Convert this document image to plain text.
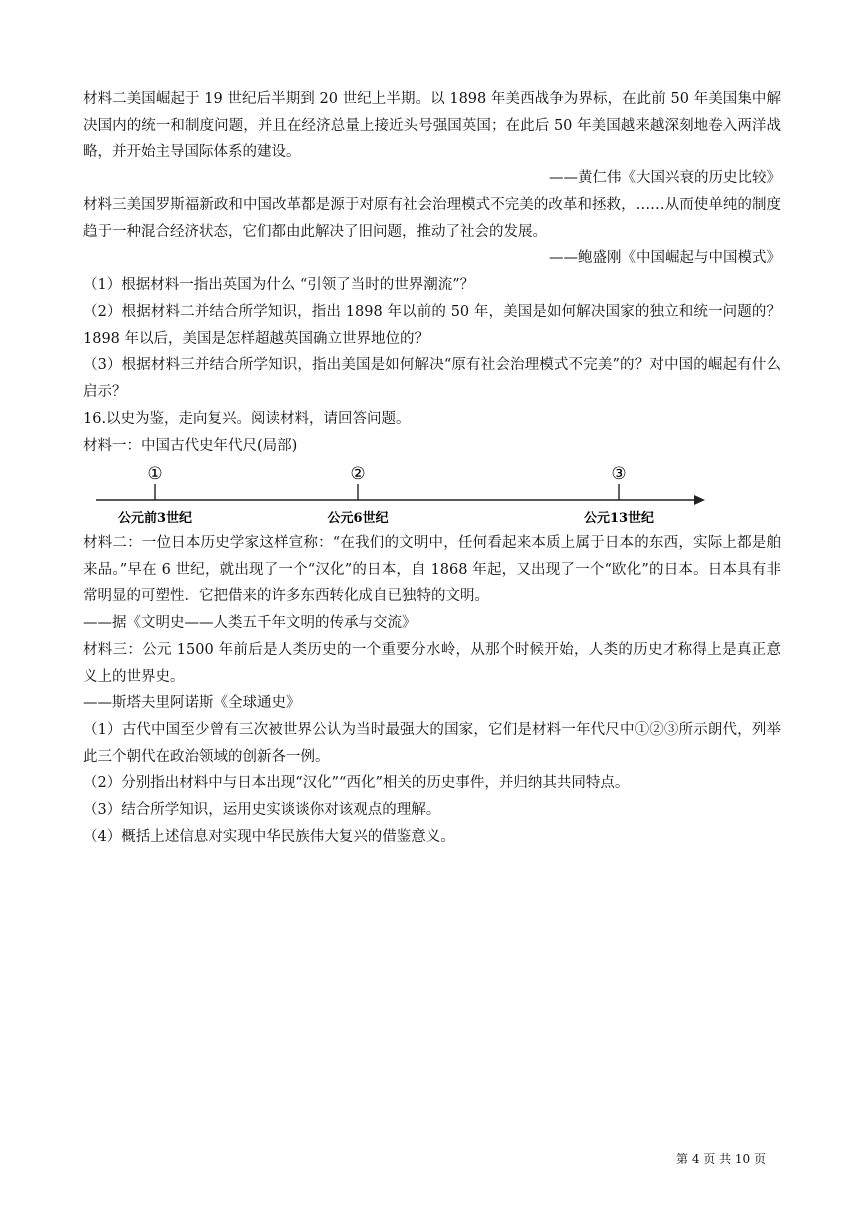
材料二美国崛起于 19 世纪后半期到 20 世纪上半期。以 1898 年美西战争为界标，在此前 50 年美国集中解决国内的统一和制度问题，并且在经济总量上接近头号强国英国；在此后 50 年美国越来越深刻地卷入两洋战略，并开始主导国际体系的建设。

——黄仁伟《大国兴衰的历史比较》

材料三美国罗斯福新政和中国改革都是源于对原有社会治理模式不完美的改革和拯救，……从而使单纯的制度趋于一种混合经济状态，它们都由此解决了旧问题，推动了社会的发展。

——鲍盛刚《中国崛起与中国模式》

（1）根据材料一指出英国为什么 “引领了当时的世界潮流”？

（2）根据材料二并结合所学知识，指出 1898 年以前的 50 年，美国是如何解决国家的独立和统一问题的？1898 年以后，美国是怎样超越英国确立世界地位的？

（3）根据材料三并结合所学知识，指出美国是如何解决“原有社会治理模式不完美”的？对中国的崛起有什么启示？

16.以史为鉴，走向复兴。阅读材料，请回答问题。

材料一：中国古代史年代尺(局部)

①	②	③
公元前3世纪	公元6世纪	公元13世纪

材料二：一位日本历史学家这样宣称：“在我们的文明中，任何看起来本质上属于日本的东西，实际上都是舶来品。”早在 6 世纪，就出现了一个“汉化”的日本，自 1868 年起，又出现了一个“欧化”的日本。日本具有非常明显的可塑性．它把借来的许多东西转化成自已独特的文明。

——据《文明史——人类五千年文明的传承与交流》

材料三：公元 1500 年前后是人类历史的一个重要分水岭，从那个时候开始，人类的历史才称得上是真正意义上的世界史。

——斯塔夫里阿诺斯《全球通史》

（1）古代中国至少曾有三次被世界公认为当时最强大的国家，它们是材料一年代尺中①②③所示朗代，列举此三个朝代在政治领域的创新各一例。

（2）分别指出材料中与日本出现“汉化”“西化”相关的历史事件，并归纳其共同特点。

（3）结合所学知识，运用史实谈谈你对该观点的理解。

（4）概括上述信息对实现中华民族伟大复兴的借鉴意义。

第 4 页 共 10 页
